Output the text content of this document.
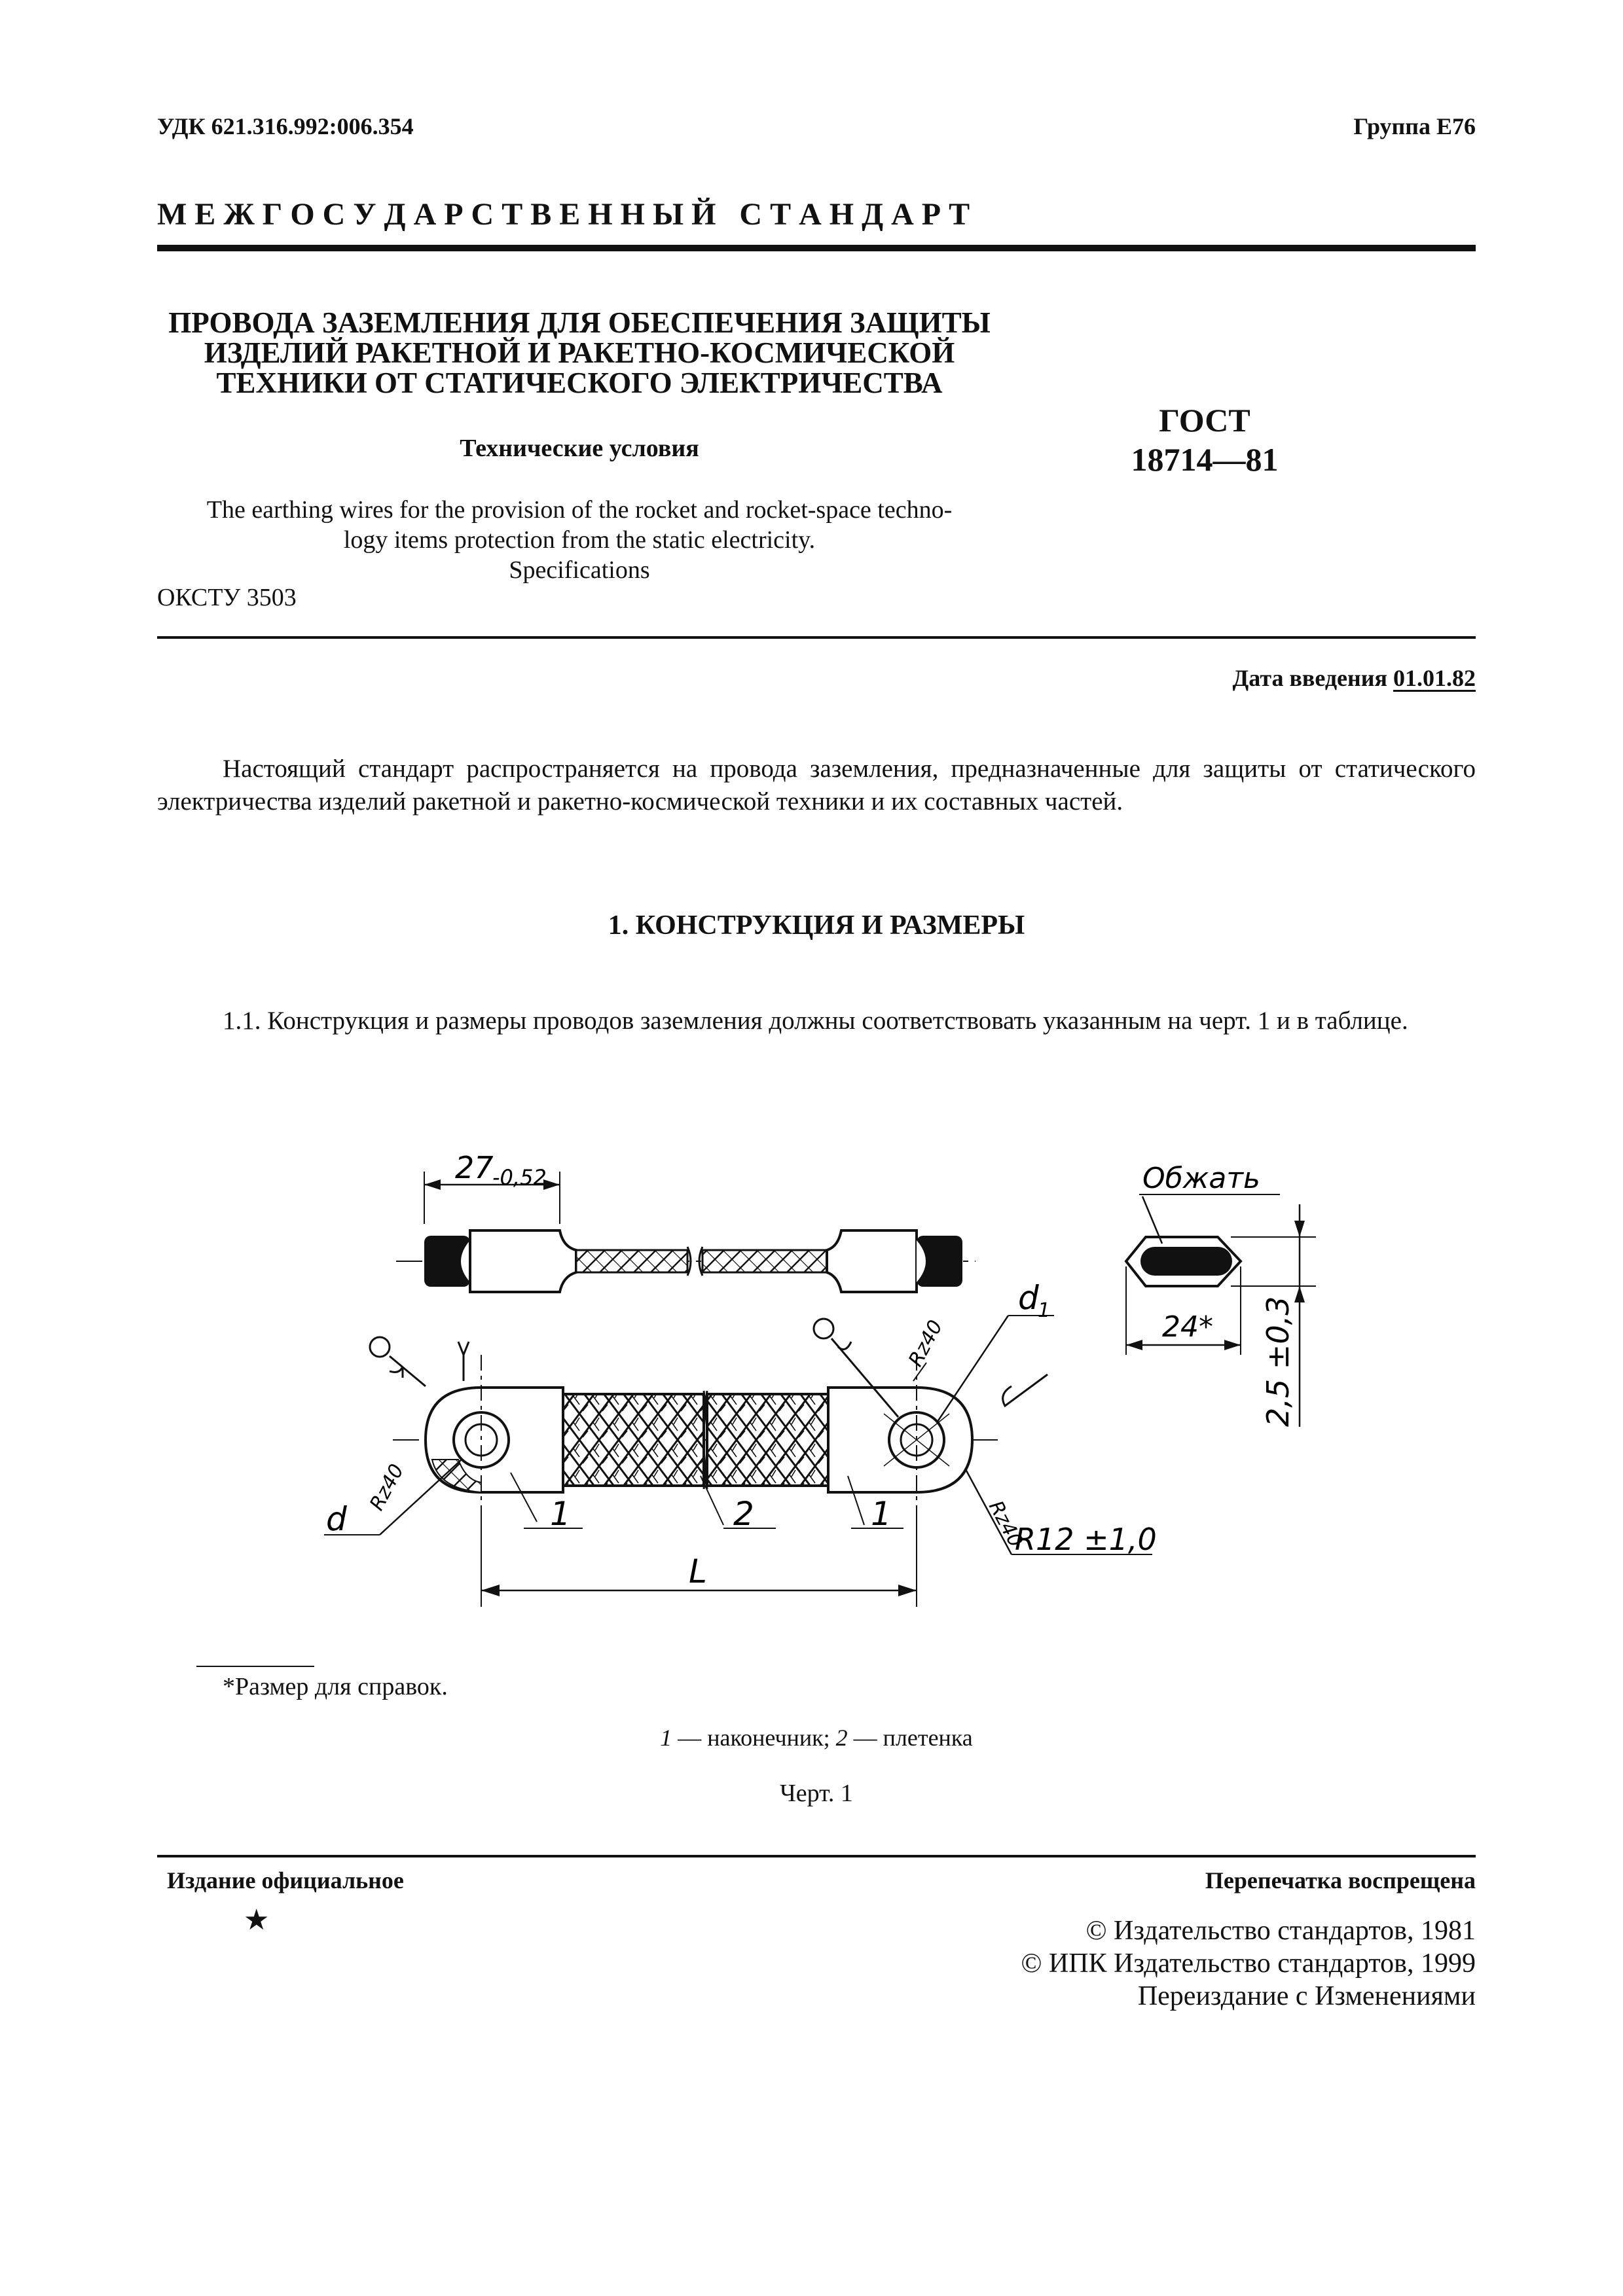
УДК 621.316.992:006.354	Группа Е76
М Е Ж Г О С У Д А Р С Т В Е Н Н Ы Й   С Т А Н Д А Р Т
ПРОВОДА ЗАЗЕМЛЕНИЯ ДЛЯ ОБЕСПЕЧЕНИЯ ЗАЩИТЫ
ИЗДЕЛИЙ РАКЕТНОЙ И РАКЕТНО-КОСМИЧЕСКОЙ
ТЕХНИКИ ОТ СТАТИЧЕСКОГО ЭЛЕКТРИЧЕСТВА
Технические условия
ГОСТ
18714—81
The earthing wires for the provision of the rocket and rocket-space techno-
logy items protection from the static electricity.
Specifications
ОКСТУ 3503
Дата введения 01.01.82
Настоящий стандарт распространяется на провода заземления, предназначенные для защиты от статического электричества изделий ракетной и ракетно-космической техники и их составных частей.
1. КОНСТРУКЦИЯ И РАЗМЕРЫ
1.1. Конструкция и размеры проводов заземления должны соответствовать указанным на черт. 1 и в таблице.
27
-0,52	Обжать
2,5 ±0,3
24*
d
1
Rz40
Rz40
Rz40
d	1	2	1
R12 ±1,0
L
*Размер для справок.
1 — наконечник; 2 — плетенка
Черт. 1
Издание официальное	Перепечатка воспрещена
★	© Издательство стандартов, 1981
© ИПК Издательство стандартов, 1999
Переиздание с Изменениями
